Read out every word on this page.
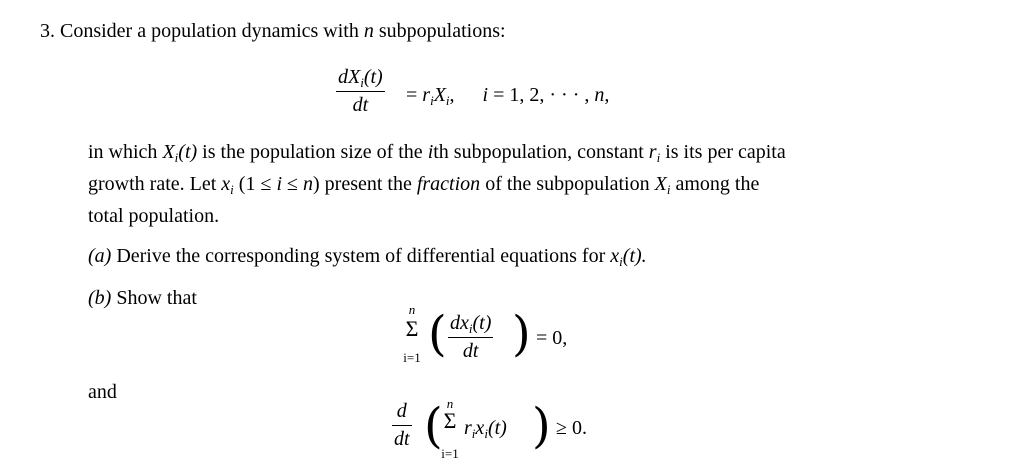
3. Consider a population dynamics with n subpopulations:
$dX_i(t)$
dt	= $r_iX_i$, i = 1, 2, · · · , n,
in which $X_i(t)$ is the population size of the ith subpopulation, constant $r_i$ is its per capita
growth rate. Let $x_i$ (1 ≤ i ≤ n) present the fraction of the subpopulation $X_i$ among the
total population.
(a) Derive the corresponding system of differential equations for $x_i(t)$.
(b) Show that
n
Σ
i=1 ( $dx_i(t)$
dt ) = 0,
and
d
dt ( n
Σ
i=1
$r_ix_i(t)$ ) ≥ 0.
